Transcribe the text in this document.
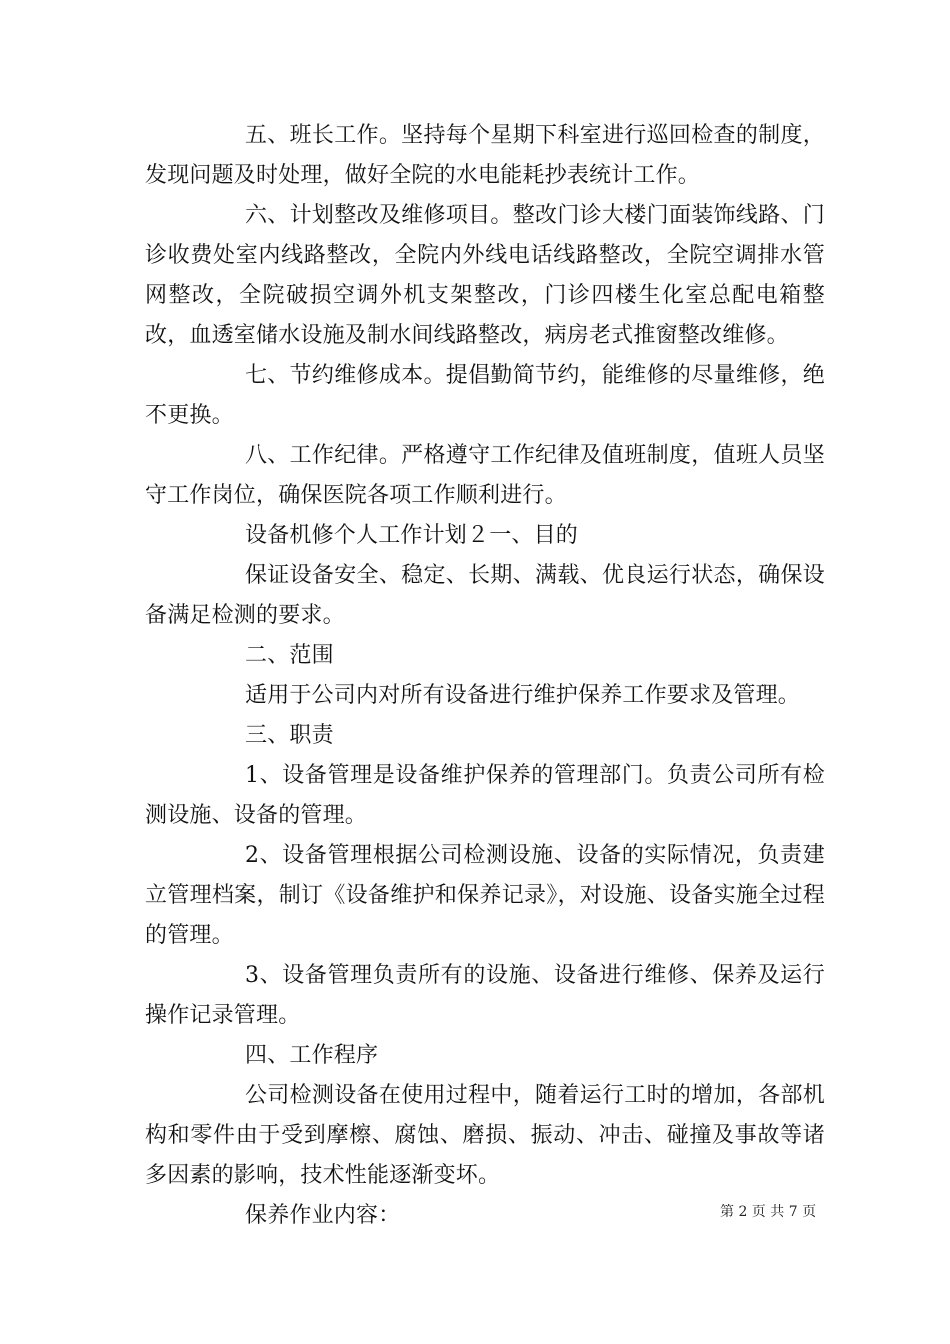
五、班长工作。坚持每个星期下科室进行巡回检查的制度，发现问题及时处理，做好全院的水电能耗抄表统计工作。

六、计划整改及维修项目。整改门诊大楼门面装饰线路、门诊收费处室内线路整改，全院内外线电话线路整改，全院空调排水管网整改，全院破损空调外机支架整改，门诊四楼生化室总配电箱整改，血透室储水设施及制水间线路整改，病房老式推窗整改维修。

七、节约维修成本。提倡勤简节约，能维修的尽量维修，绝不更换。

八、工作纪律。严格遵守工作纪律及值班制度，值班人员坚守工作岗位，确保医院各项工作顺利进行。

设备机修个人工作计划２一、目的

保证设备安全、稳定、长期、满载、优良运行状态，确保设备满足检测的要求。

二、范围

适用于公司内对所有设备进行维护保养工作要求及管理。

三、职责

1、设备管理是设备维护保养的管理部门。负责公司所有检测设施、设备的管理。

2、设备管理根据公司检测设施、设备的实际情况，负责建立管理档案，制订《设备维护和保养记录》，对设施、设备实施全过程的管理。

3、设备管理负责所有的设施、设备进行维修、保养及运行操作记录管理。

四、工作程序

公司检测设备在使用过程中，随着运行工时的增加，各部机构和零件由于受到摩檫、腐蚀、磨损、振动、冲击、碰撞及事故等诸多因素的影响，技术性能逐渐变坏。

保养作业内容：	第 2 页 共 7 页
